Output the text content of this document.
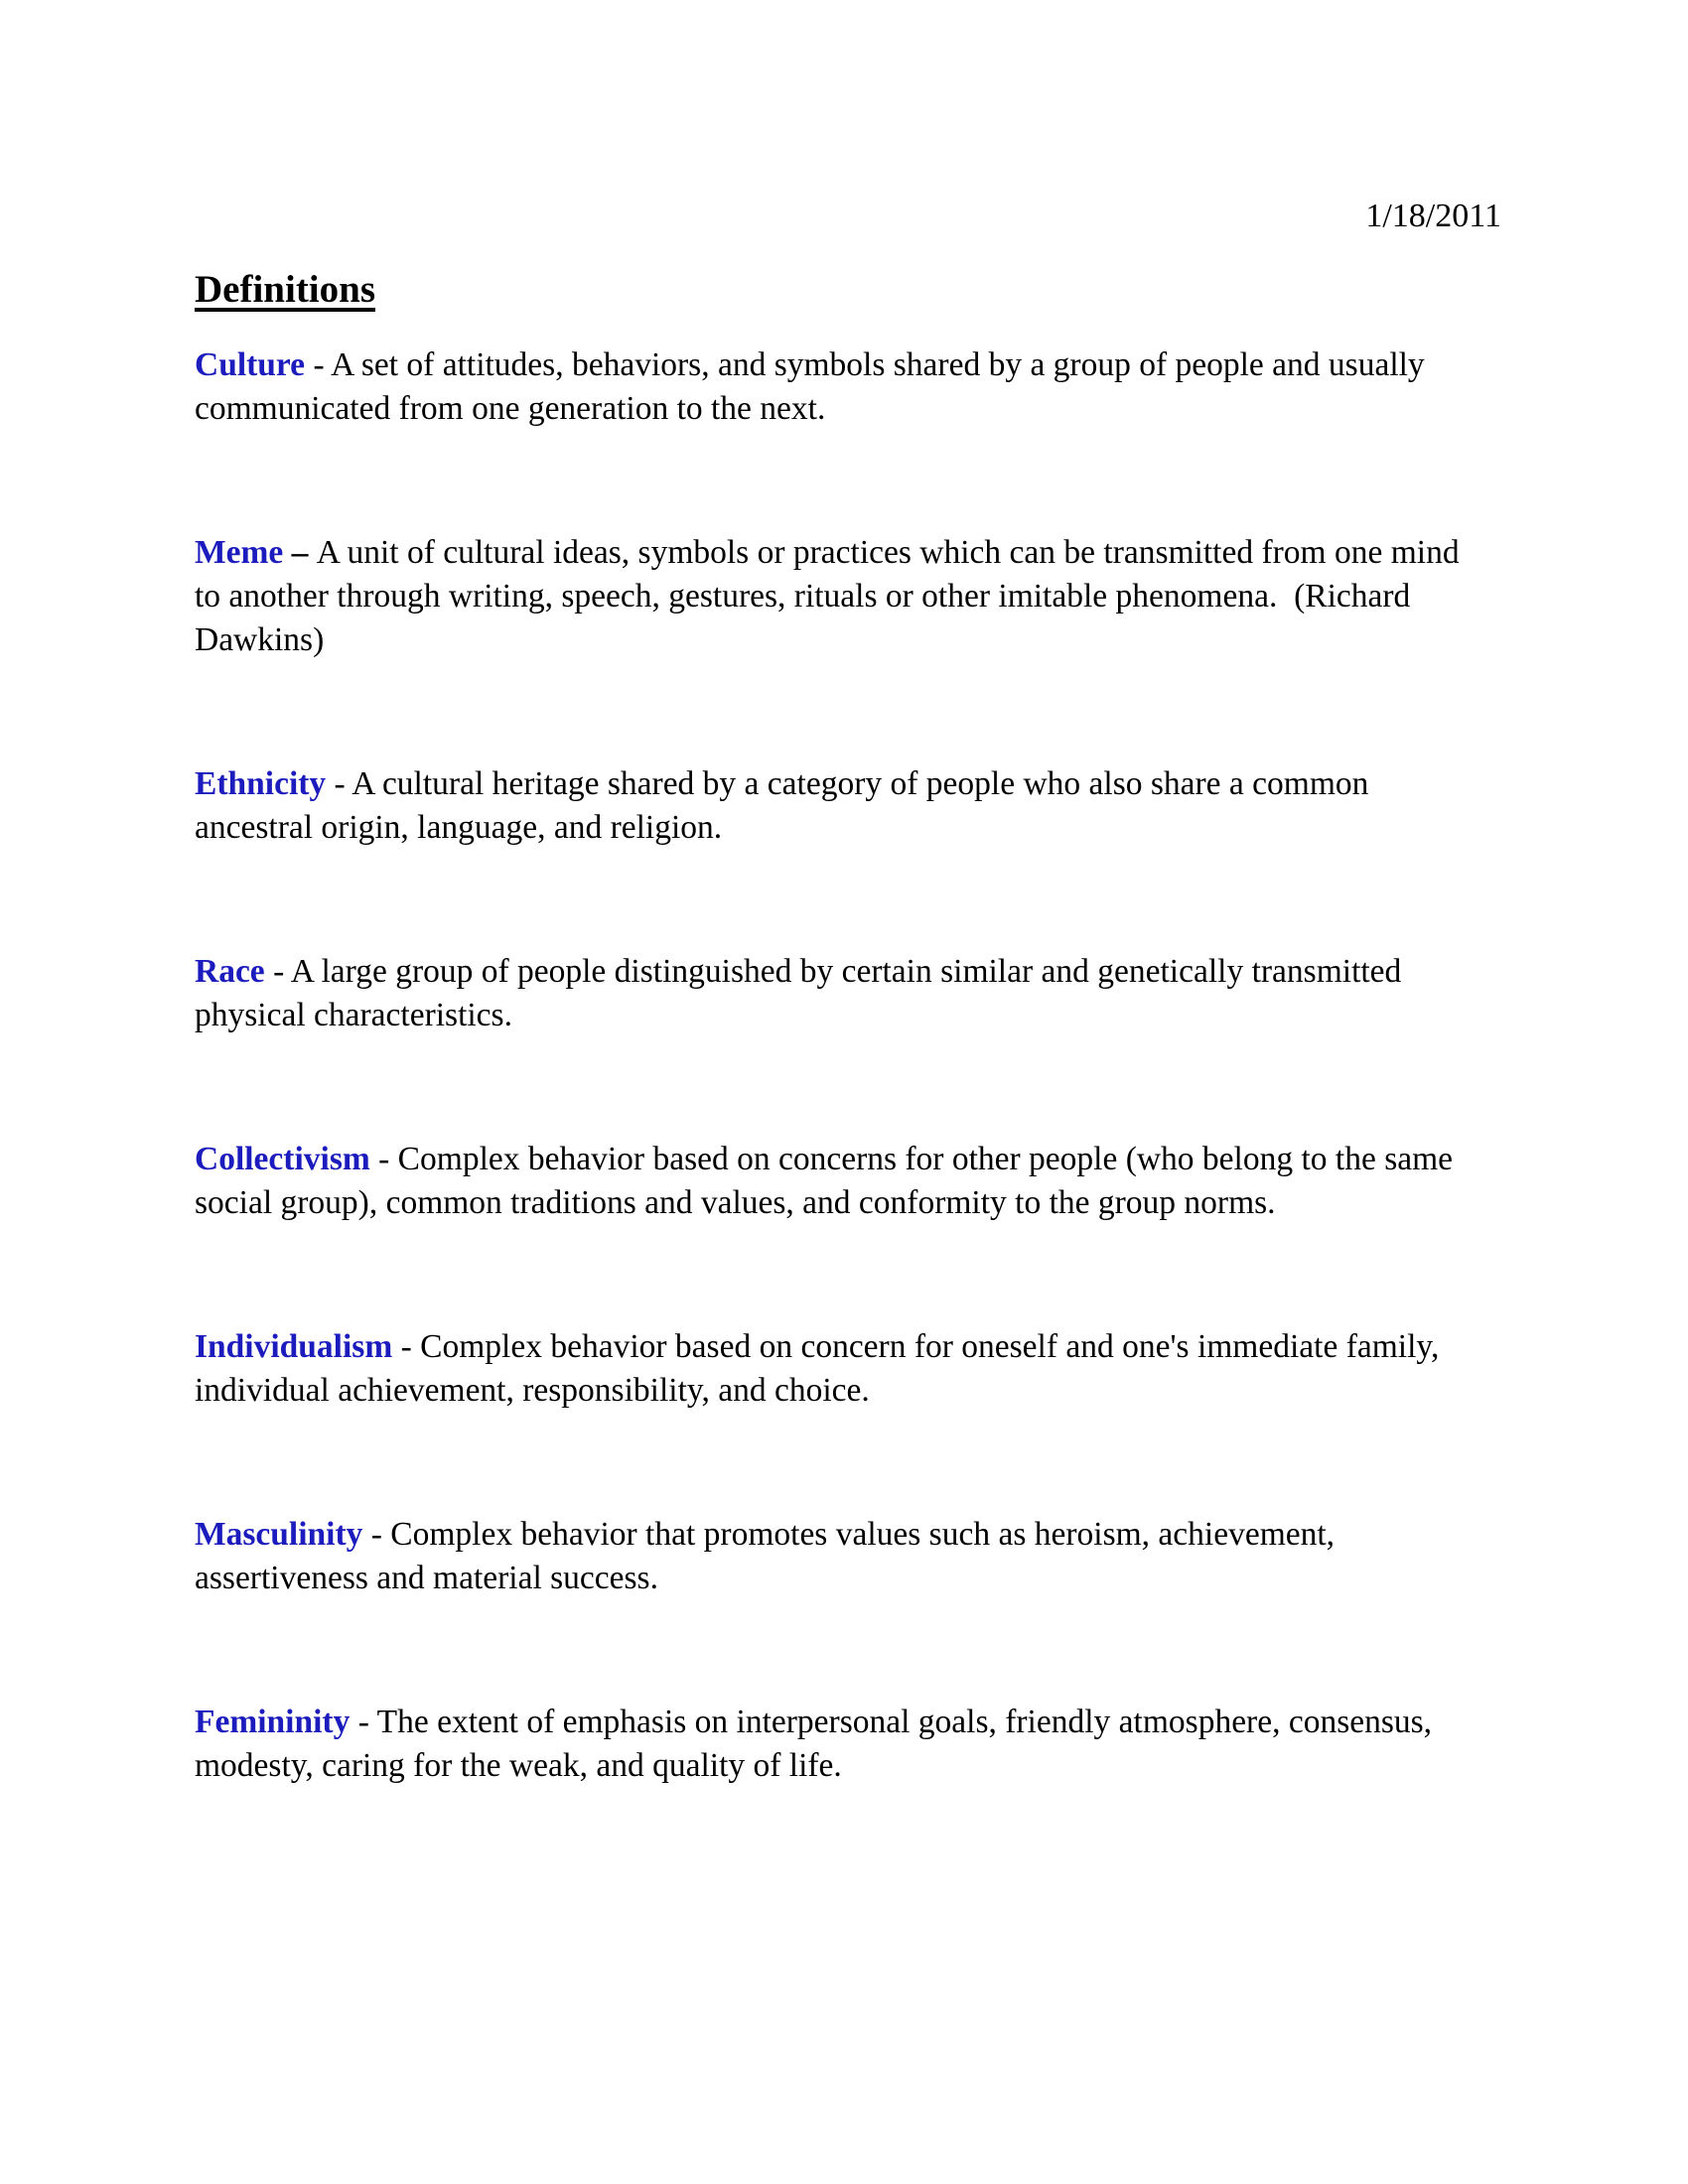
1/18/2011
Definitions

Culture - A set of attitudes, behaviors, and symbols shared by a group of people and usually
communicated from one generation to the next.

Meme – A unit of cultural ideas, symbols or practices which can be transmitted from one mind
to another through writing, speech, gestures, rituals or other imitable phenomena.  (Richard
Dawkins)

Ethnicity - A cultural heritage shared by a category of people who also share a common
ancestral origin, language, and religion.

Race - A large group of people distinguished by certain similar and genetically transmitted
physical characteristics.

Collectivism - Complex behavior based on concerns for other people (who belong to the same
social group), common traditions and values, and conformity to the group norms.

Individualism - Complex behavior based on concern for oneself and one's immediate family,
individual achievement, responsibility, and choice.

Masculinity - Complex behavior that promotes values such as heroism, achievement,
assertiveness and material success.

Femininity - The extent of emphasis on interpersonal goals, friendly atmosphere, consensus,
modesty, caring for the weak, and quality of life.
